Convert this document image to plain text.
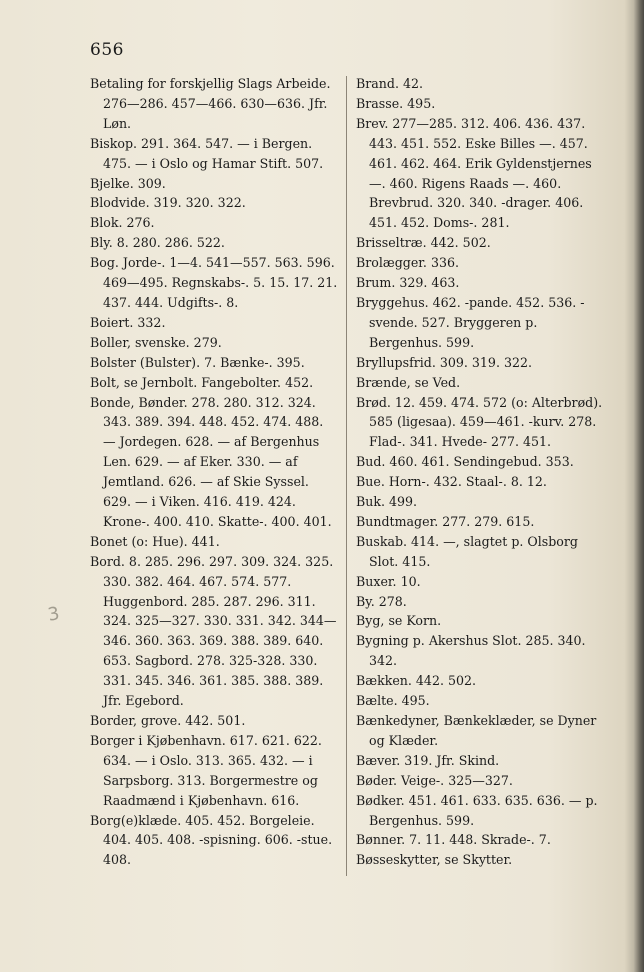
656
3

Betaling for forskjellig Slags Arbeide. 276—286. 457—466. 630—636. Jfr. Løn.

Biskop. 291. 364. 547. — i Bergen. 475. — i Oslo og Hamar Stift. 507.

Bjelke. 309.

Blodvide. 319. 320. 322.

Blok. 276.

Bly. 8. 280. 286. 522.

Bog. Jorde-. 1—4. 541—557. 563. 596. 469—495. Regnskabs-. 5. 15. 17. 21. 437. 444. Udgifts-. 8.

Boiert. 332.

Boller, svenske. 279.

Bolster (Bulster). 7. Bænke-. 395.

Bolt, se Jernbolt. Fangebolter. 452.

Bonde, Bønder. 278. 280. 312. 324. 343. 389. 394. 448. 452. 474. 488. — Jordegen. 628. — af Bergenhus Len. 629. — af Eker. 330. — af Jemtland. 626. — af Skie Syssel. 629. — i Viken. 416. 419. 424. Krone-. 400. 410. Skatte-. 400. 401.

Bonet (o: Hue). 441.

Bord. 8. 285. 296. 297. 309. 324. 325. 330. 382. 464. 467. 574. 577. Huggenbord. 285. 287. 296. 311. 324. 325—327. 330. 331. 342. 344—346. 360. 363. 369. 388. 389. 640. 653. Sagbord. 278. 325-328. 330. 331. 345. 346. 361. 385. 388. 389. Jfr. Egebord.

Border, grove. 442. 501.

Borger i Kjøbenhavn. 617. 621. 622. 634. — i Oslo. 313. 365. 432. — i Sarpsborg. 313. Borgermestre og Raadmænd i Kjøbenhavn. 616.

Borg(e)klæde. 405. 452. Borgeleie. 404. 405. 408. -spisning. 606. -stue. 408.

Brand. 42.

Brasse. 495.

Brev. 277—285. 312. 406. 436. 437. 443. 451. 552. Eske Billes —. 457. 461. 462. 464. Erik Gyldenstjernes —. 460. Rigens Raads —. 460. Brevbrud. 320. 340. -drager. 406. 451. 452. Doms-. 281.

Brisseltræ. 442. 502.

Brolægger. 336.

Brum. 329. 463.

Bryggehus. 462. -pande. 452. 536. -svende. 527. Bryggeren p. Bergenhus. 599.

Bryllupsfrid. 309. 319. 322.

Brænde, se Ved.

Brød. 12. 459. 474. 572 (o: Alterbrød). 585 (ligesaa). 459—461. -kurv. 278. Flad-. 341. Hvede- 277. 451.

Bud. 460. 461. Sendingebud. 353.

Bue. Horn-. 432. Staal-. 8. 12.

Buk. 499.

Bundtmager. 277. 279. 615.

Buskab. 414. —, slagtet p. Olsborg Slot. 415.

Buxer. 10.

By. 278.

Byg, se Korn.

Bygning p. Akershus Slot. 285. 340. 342.

Bækken. 442. 502.

Bælte. 495.

Bænkedyner, Bænkeklæder, se Dyner og Klæder.

Bæver. 319. Jfr. Skind.

Bøder. Veige-. 325—327.

Bødker. 451. 461. 633. 635. 636. — p. Bergenhus. 599.

Bønner. 7. 11. 448. Skrade-. 7.

Bøsseskytter, se Skytter.
